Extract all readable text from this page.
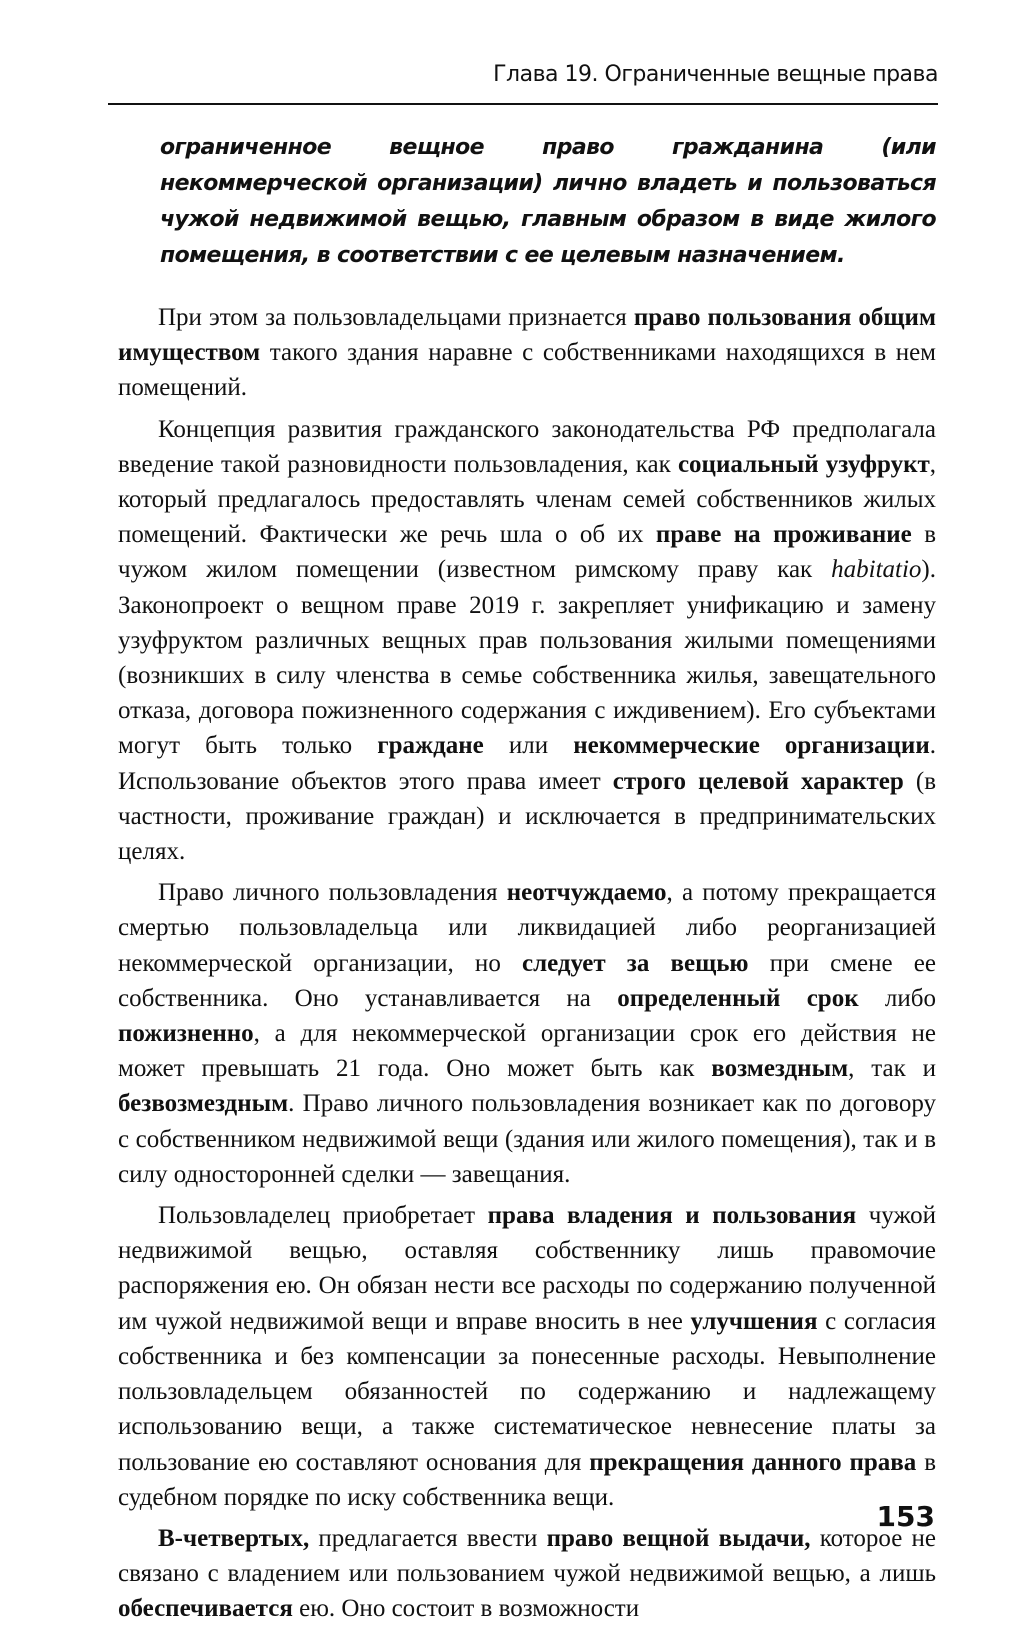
Глава 19. Ограниченные вещные права

ограниченное вещное право гражданина (или некоммерческой организации) лично владеть и пользоваться чужой недвижимой вещью, главным образом в виде жилого помещения, в соответствии с ее целевым назначением.

При этом за пользовладельцами признается право пользования общим имуществом такого здания наравне с собственниками находящихся в нем помещений.

Концепция развития гражданского законодательства РФ предполагала введение такой разновидности пользовладения, как социальный узуфрукт, который предлагалось предоставлять членам семей собственников жилых помещений. Фактически же речь шла о об их праве на проживание в чужом жилом помещении (известном римскому праву как habitatio). Законопроект о вещном праве 2019 г. закрепляет унификацию и замену узуфруктом различных вещных прав пользования жилыми помещениями (возникших в силу членства в семье собственника жилья, завещательного отказа, договора пожизненного содержания с иждивением). Его субъектами могут быть только граждане или некоммерческие организации. Использование объектов этого права имеет строго целевой характер (в частности, проживание граждан) и исключается в предпринимательских целях.

Право личного пользовладения неотчуждаемо, а потому прекращается смертью пользовладельца или ликвидацией либо реорганизацией некоммерческой организации, но следует за вещью при смене ее собственника. Оно устанавливается на определенный срок либо пожизненно, а для некоммерческой организации срок его действия не может превышать 21 года. Оно может быть как возмездным, так и безвозмездным. Право личного пользовладения возникает как по договору с собственником недвижимой вещи (здания или жилого помещения), так и в силу односторонней сделки — завещания.

Пользовладелец приобретает права владения и пользования чужой недвижимой вещью, оставляя собственнику лишь правомочие распоряжения ею. Он обязан нести все расходы по содержанию полученной им чужой недвижимой вещи и вправе вносить в нее улучшения с согласия собственника и без компенсации за понесенные расходы. Невыполнение пользовладельцем обязанностей по содержанию и надлежащему использованию вещи, а также систематическое невнесение платы за пользование ею составляют основания для прекращения данного права в судебном порядке по иску собственника вещи.

В-четвертых, предлагается ввести право вещной выдачи, которое не связано с владением или пользованием чужой недвижимой вещью, а лишь обеспечивается ею. Оно состоит в возможности

153
